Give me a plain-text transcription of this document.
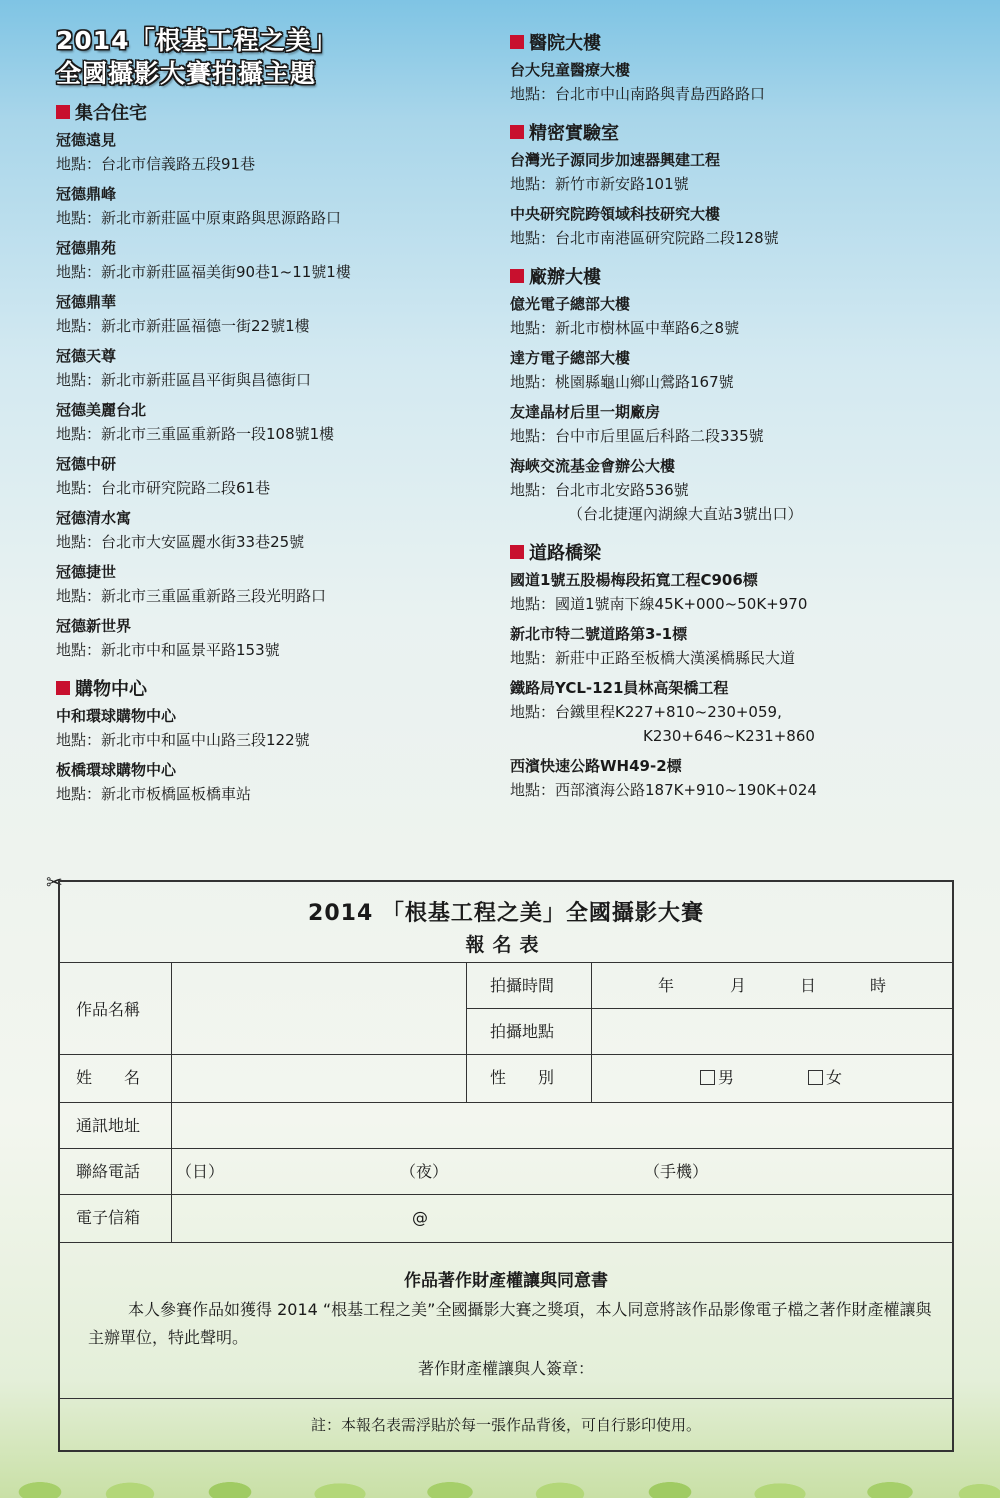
2014「根基工程之美」
全國攝影大賽拍攝主題
集合住宅
冠德遠見
地點：台北市信義路五段91巷
冠德鼎峰
地點：新北市新莊區中原東路與思源路路口
冠德鼎苑
地點：新北市新莊區福美街90巷1~11號1樓
冠德鼎華
地點：新北市新莊區福德一街22號1樓
冠德天尊
地點：新北市新莊區昌平街與昌德街口
冠德美麗台北
地點：新北市三重區重新路一段108號1樓
冠德中研
地點：台北市研究院路二段61巷
冠德清水寓
地點：台北市大安區麗水街33巷25號
冠德捷世
地點：新北市三重區重新路三段光明路口
冠德新世界
地點：新北市中和區景平路153號
購物中心
中和環球購物中心
地點：新北市中和區中山路三段122號
板橋環球購物中心
地點：新北市板橋區板橋車站
醫院大樓
台大兒童醫療大樓
地點：台北市中山南路與青島西路路口
精密實驗室
台灣光子源同步加速器興建工程
地點：新竹市新安路101號
中央研究院跨領域科技研究大樓
地點：台北市南港區研究院路二段128號
廠辦大樓
億光電子總部大樓
地點：新北市樹林區中華路6之8號
達方電子總部大樓
地點：桃園縣龜山鄉山鶯路167號
友達晶材后里一期廠房
地點：台中市后里區后科路二段335號
海峽交流基金會辦公大樓
地點：台北市北安路536號
（台北捷運內湖線大直站3號出口）
道路橋梁
國道1號五股楊梅段拓寬工程C906標
地點：國道1號南下線45K+000~50K+970
新北市特二號道路第3-1標
地點：新莊中正路至板橋大漢溪橋縣民大道
鐵路局YCL-121員林高架橋工程
地點：台鐵里程K227+810~230+059,
K230+646~K231+860
西濱快速公路WH49-2標
地點：西部濱海公路187K+910~190K+024
✂
2014 「根基工程之美」全國攝影大賽
報名表
作品名稱
拍攝時間	年	月	日	時
拍攝地點
姓　　名	性　　別	男	女
通訊地址
聯絡電話 （日）	（夜）	（手機）
電子信箱	@
作品著作財產權讓與同意書
本人參賽作品如獲得 2014 “根基工程之美”全國攝影大賽之獎項，本人同意將該作品影像電子檔之著作財產權讓與主辦單位，特此聲明。
著作財產權讓與人簽章：
註：本報名表需浮貼於每一張作品背後，可自行影印使用。
